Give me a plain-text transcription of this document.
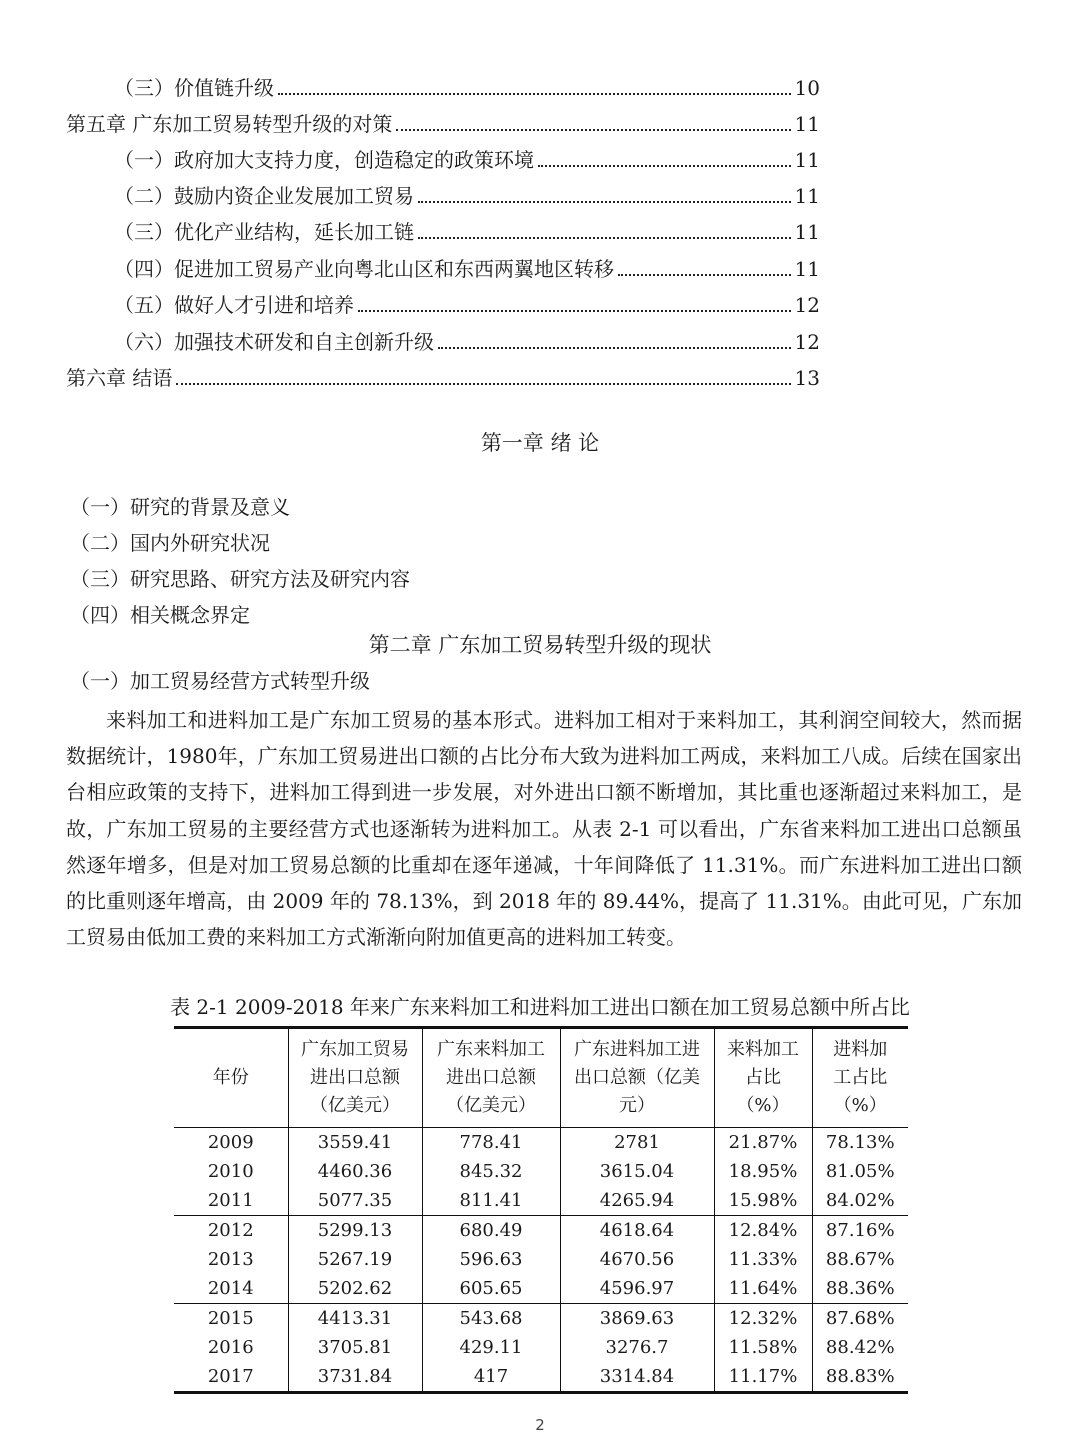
（三）价值链升级	10
第五章 广东加工贸易转型升级的对策	11
（一）政府加大支持力度，创造稳定的政策环境	11
（二）鼓励内资企业发展加工贸易	11
（三）优化产业结构，延长加工链	11
（四）促进加工贸易产业向粤北山区和东西两翼地区转移	11
（五）做好人才引进和培养	12
（六）加强技术研发和自主创新升级	12
第六章 结语	13
第一章 绪 论
（一）研究的背景及意义
（二）国内外研究状况
（三）研究思路、研究方法及研究内容
（四）相关概念界定
第二章 广东加工贸易转型升级的现状
（一）加工贸易经营方式转型升级

来料加工和进料加工是广东加工贸易的基本形式。进料加工相对于来料加工，其利润空间较大，然而据数据统计，1980年，广东加工贸易进出口额的占比分布大致为进料加工两成，来料加工八成。后续在国家出台相应政策的支持下，进料加工得到进一步发展，对外进出口额不断增加，其比重也逐渐超过来料加工，是故，广东加工贸易的主要经营方式也逐渐转为进料加工。从表 2-1 可以看出，广东省来料加工进出口总额虽然逐年增多，但是对加工贸易总额的比重却在逐年递减，十年间降低了 11.31%。而广东进料加工进出口额的比重则逐年增高，由 2009 年的 78.13%，到 2018 年的 89.44%，提高了 11.31%。由此可见，广东加工贸易由低加工费的来料加工方式渐渐向附加值更高的进料加工转变。

表 2-1 2009-2018 年来广东来料加工和进料加工进出口额在加工贸易总额中所占比
年份	广东加工贸易进出口总额（亿美元）	广东来料加工进出口总额（亿美元）	广东进料加工进出口总额（亿美元）	来料加工占比（%）	进料加工占比（%）
2009	3559.41	778.41	2781	21.87%	78.13%
2010	4460.36	845.32	3615.04	18.95%	81.05%
2011	5077.35	811.41	4265.94	15.98%	84.02%
2012	5299.13	680.49	4618.64	12.84%	87.16%
2013	5267.19	596.63	4670.56	11.33%	88.67%
2014	5202.62	605.65	4596.97	11.64%	88.36%
2015	4413.31	543.68	3869.63	12.32%	87.68%
2016	3705.81	429.11	3276.7	11.58%	88.42%
2017	3731.84	417	3314.84	11.17%	88.83%
2
